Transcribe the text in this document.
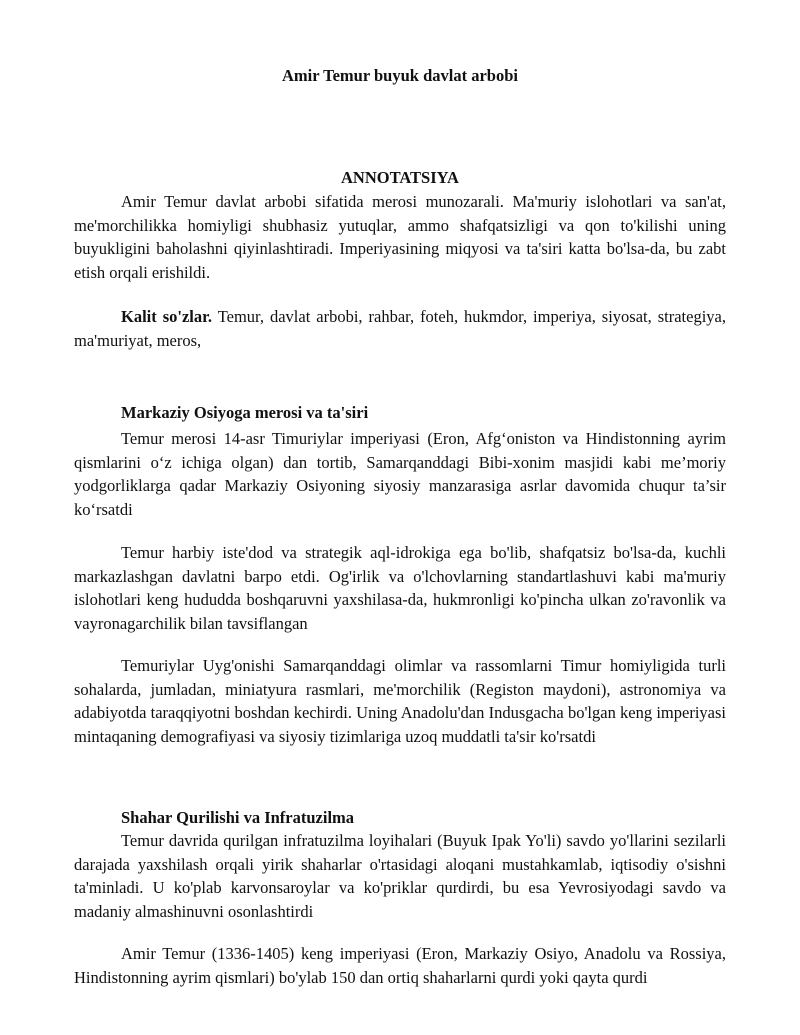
Amir Temur buyuk davlat arbobi
ANNOTATSIYA

Amir Temur davlat arbobi sifatida merosi munozarali. Ma'muriy islohotlari va san'at, me'morchilikka homiyligi shubhasiz yutuqlar, ammo shafqatsizligi va qon to'kilishi uning buyukligini baholashni qiyinlashtiradi. Imperiyasining miqyosi va ta'siri katta bo'lsa-da, bu zabt etish orqali erishildi.

Kalit so'zlar. Temur, davlat arbobi, rahbar, foteh, hukmdor, imperiya, siyosat, strategiya, ma'muriyat, meros,

Markaziy Osiyoga merosi va ta'siri

Temur merosi 14-asr Timuriylar imperiyasi (Eron, Afg‘oniston va Hindistonning ayrim qismlarini o‘z ichiga olgan) dan tortib, Samarqanddagi Bibi-xonim masjidi kabi me’moriy yodgorliklarga qadar Markaziy Osiyoning siyosiy manzarasiga asrlar davomida chuqur ta’sir ko‘rsatdi

Temur harbiy iste'dod va strategik aql-idrokiga ega bo'lib, shafqatsiz bo'lsa-da, kuchli markazlashgan davlatni barpo etdi. Og'irlik va o'lchovlarning standartlashuvi kabi ma'muriy islohotlari keng hududda boshqaruvni yaxshilasa-da, hukmronligi ko'pincha ulkan zo'ravonlik va vayronagarchilik bilan tavsiflangan

Temuriylar Uyg'onishi Samarqanddagi olimlar va rassomlarni Timur homiyligida turli sohalarda, jumladan, miniatyura rasmlari, me'morchilik (Registon maydoni), astronomiya va adabiyotda taraqqiyotni boshdan kechirdi. Uning Anadolu'dan Indusgacha bo'lgan keng imperiyasi mintaqaning demografiyasi va siyosiy tizimlariga uzoq muddatli ta'sir ko'rsatdi

Shahar Qurilishi va Infratuzilma

Temur davrida qurilgan infratuzilma loyihalari (Buyuk Ipak Yo'li) savdo yo'llarini sezilarli darajada yaxshilash orqali yirik shaharlar o'rtasidagi aloqani mustahkamlab, iqtisodiy o'sishni ta'minladi. U ko'plab karvonsaroylar va ko'priklar qurdirdi, bu esa Yevrosiyodagi savdo va madaniy almashinuvni osonlashtirdi

Amir Temur (1336-1405) keng imperiyasi (Eron, Markaziy Osiyo, Anadolu va Rossiya, Hindistonning ayrim qismlari) bo'ylab 150 dan ortiq shaharlarni qurdi yoki qayta qurdi
